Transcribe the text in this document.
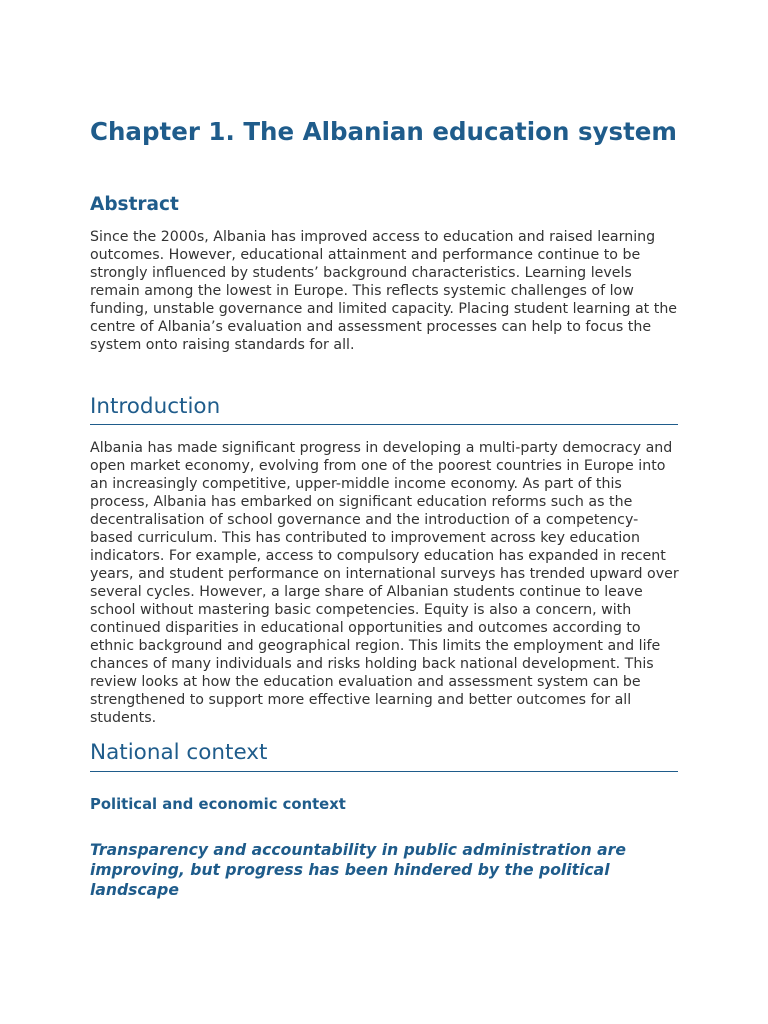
Chapter 1. The Albanian education system
Abstract

Since the 2000s, Albania has improved access to education and raised learning outcomes. However, educational attainment and performance continue to be strongly influenced by students’ background characteristics. Learning levels remain among the lowest in Europe. This reflects systemic challenges of low funding, unstable governance and limited capacity. Placing student learning at the centre of Albania’s evaluation and assessment processes can help to focus the system onto raising standards for all.

Introduction

Albania has made significant progress in developing a multi-party democracy and open market economy, evolving from one of the poorest countries in Europe into an increasingly competitive, upper-middle income economy. As part of this process, Albania has embarked on significant education reforms such as the decentralisation of school governance and the introduction of a competency-based curriculum. This has contributed to improvement across key education indicators. For example, access to compulsory education has expanded in recent years, and student performance on international surveys has trended upward over several cycles. However, a large share of Albanian students continue to leave school without mastering basic competencies. Equity is also a concern, with continued disparities in educational opportunities and outcomes according to ethnic background and geographical region. This limits the employment and life chances of many individuals and risks holding back national development. This review looks at how the education evaluation and assessment system can be strengthened to support more effective learning and better outcomes for all students.

National context
Political and economic context
Transparency and accountability in public administration are improving, but progress has been hindered by the political landscape
